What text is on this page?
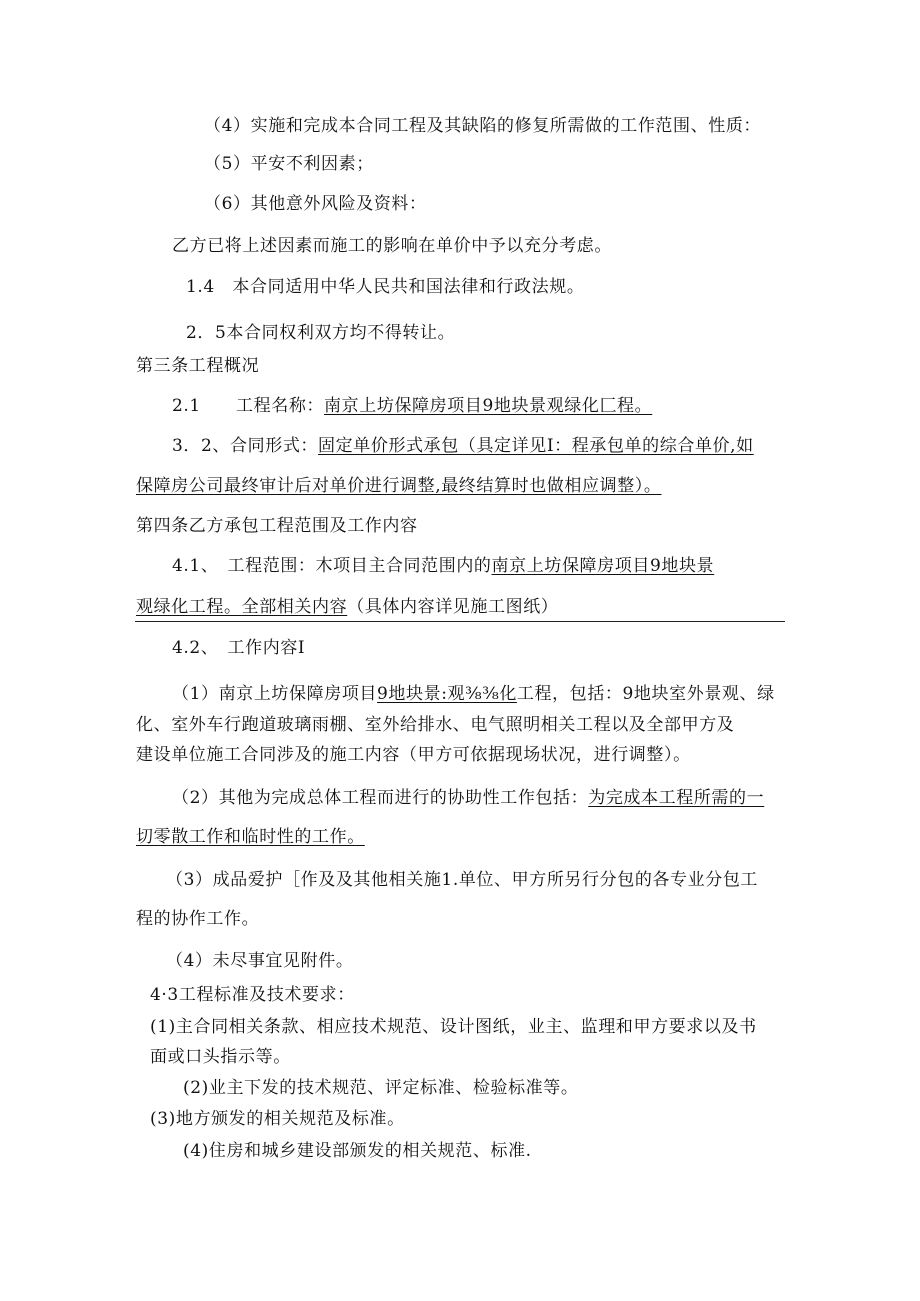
（4）实施和完成本合同工程及其缺陷的修复所需做的工作范围、性质：
（5）平安不利因素；
（6）其他意外风险及资料：
乙方已将上述因素而施工的影响在单价中予以充分考虑。
1.4　本合同适用中华人民共和国法律和行政法规。
2．5本合同权利双方均不得转让。
第三条工程概况
2.1　　工程名称：南京上坊保障房项目9地块景观绿化匚程。
3．2、合同形式：固定单价形式承包（具定详见I：程承包单的综合单价,如
保障房公司最终审计后对单价进行调整,最终结算时也做相应调整）。
第四条乙方承包工程范围及工作内容
4.1、　工程范围：木项目主合同范围内的南京上坊保障房项目9地块景
观绿化工程。全部相关内容（具体内容详见施工图纸）
4.2、　工作内容I
（1）南京上坊保障房项目9地块景:观⅜⅜化工程，包括：9地块室外景观、绿
化、室外车行跑道玻璃雨棚、室外给排水、电气照明相关工程以及全部甲方及
建设单位施工合同涉及的施工内容（甲方可依据现场状况，进行调整）。
（2）其他为完成总体工程而进行的协助性工作包括：为完成本工程所需的一
切零散工作和临时性的工作。
（3）成品爱护［作及及其他相关施1.单位、甲方所另行分包的各专业分包工
程的协作工作。
（4）未尽事宜见附件。
4·3工程标准及技术要求：
(1)主合同相关条款、相应技术规范、设计图纸，业主、监理和甲方要求以及书
面或口头指示等。
(2)业主下发的技术规范、评定标准、检验标准等。
(3)地方颁发的相关规范及标准。
(4)住房和城乡建设部颁发的相关规范、标准.
